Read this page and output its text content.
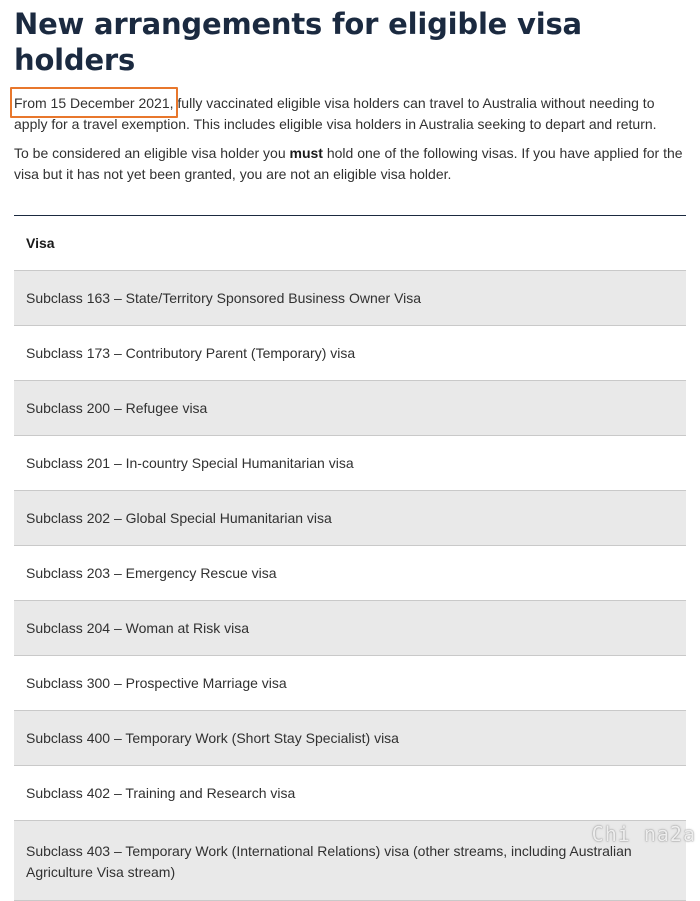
New arrangements for eligible visa holders

From 15 December 2021,
fully vaccinated eligible visa holders can travel to Australia without needing to apply for a travel exemption. This includes eligible visa holders in Australia seeking to depart and return.

To be considered an eligible visa holder you must hold one of the following visas. If you have applied for the visa but it has not yet been granted, you are not an eligible visa holder.

Visa
Subclass 163 – State/Territory Sponsored Business Owner Visa
Subclass 173 – Contributory Parent (Temporary) visa
Subclass 200 – Refugee visa
Subclass 201 – In-country Special Humanitarian visa
Subclass 202 – Global Special Humanitarian visa
Subclass 203 – Emergency Rescue visa
Subclass 204 – Woman at Risk visa
Subclass 300 – Prospective Marriage visa
Subclass 400 – Temporary Work (Short Stay Specialist) visa
Subclass 402 – Training and Research visa
Subclass 403 – Temporary Work (International Relations) visa (other streams, including Australian Agriculture Visa stream)
Chi na2a
